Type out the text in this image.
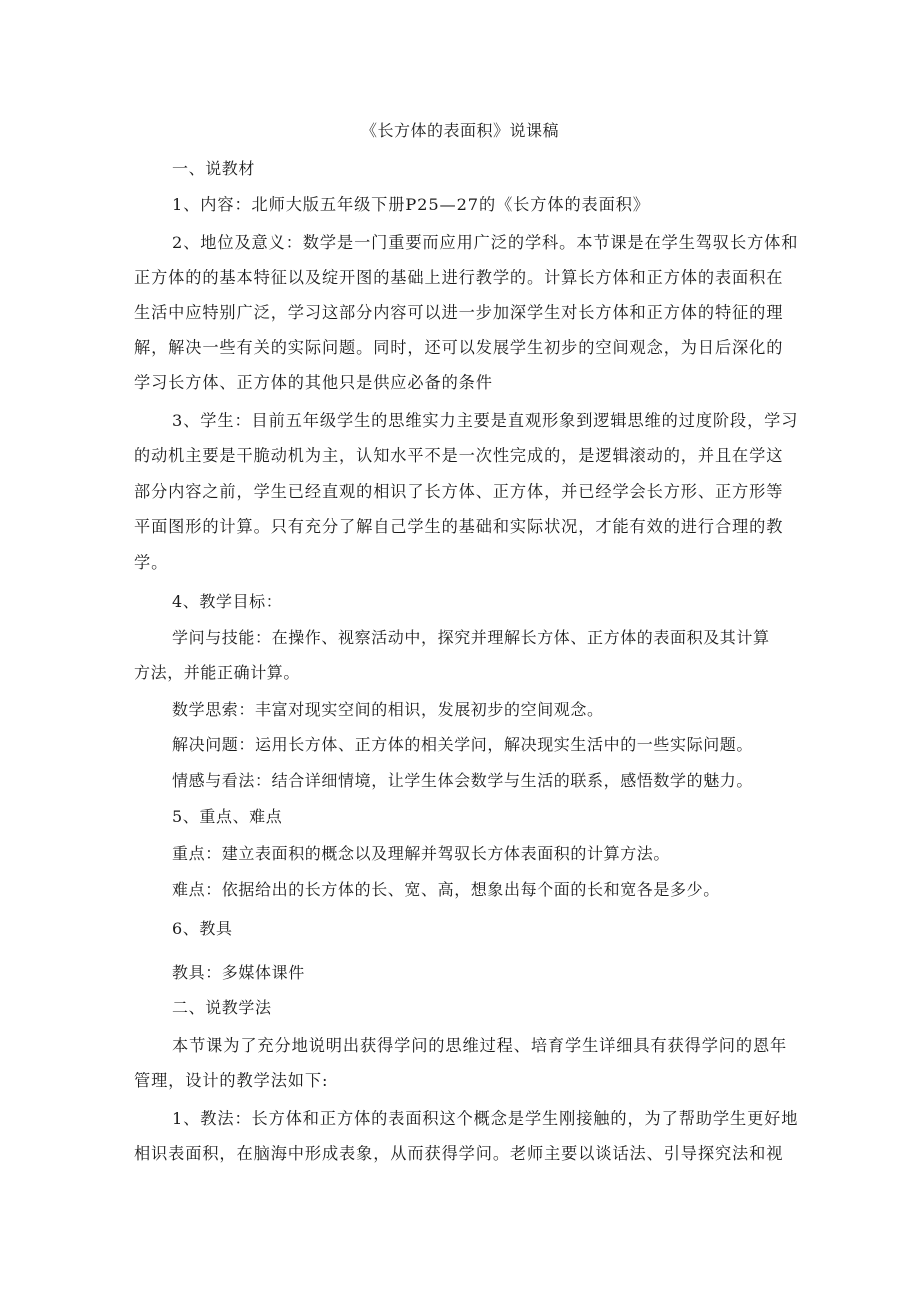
《长方体的表面积》说课稿
一、说教材
1、内容：北师大版五年级下册P25—27的《长方体的表面积》
2、地位及意义：数学是一门重要而应用广泛的学科。本节课是在学生驾驭长方体和
正方体的的基本特征以及绽开图的基础上进行教学的。计算长方体和正方体的表面积在
生活中应特别广泛，学习这部分内容可以进一步加深学生对长方体和正方体的特征的理
解，解决一些有关的实际问题。同时，还可以发展学生初步的空间观念，为日后深化的
学习长方体、正方体的其他只是供应必备的条件
3、学生：目前五年级学生的思维实力主要是直观形象到逻辑思维的过度阶段，学习
的动机主要是干脆动机为主，认知水平不是一次性完成的，是逻辑滚动的，并且在学这
部分内容之前，学生已经直观的相识了长方体、正方体，并已经学会长方形、正方形等
平面图形的计算。只有充分了解自己学生的基础和实际状况，才能有效的进行合理的教
学。
4、教学目标：
学问与技能：在操作、视察活动中，探究并理解长方体、正方体的表面积及其计算
方法，并能正确计算。
数学思索：丰富对现实空间的相识，发展初步的空间观念。
解决问题：运用长方体、正方体的相关学问，解决现实生活中的一些实际问题。
情感与看法：结合详细情境，让学生体会数学与生活的联系，感悟数学的魅力。
5、重点、难点
重点：建立表面积的概念以及理解并驾驭长方体表面积的计算方法。
难点：依据给出的长方体的长、宽、高，想象出每个面的长和宽各是多少。
6、教具
教具：多媒体课件
二、说教学法
本节课为了充分地说明出获得学问的思维过程、培育学生详细具有获得学问的恩年
管理，设计的教学法如下:
1、教法：长方体和正方体的表面积这个概念是学生刚接触的，为了帮助学生更好地
相识表面积，在脑海中形成表象，从而获得学问。老师主要以谈话法、引导探究法和视
